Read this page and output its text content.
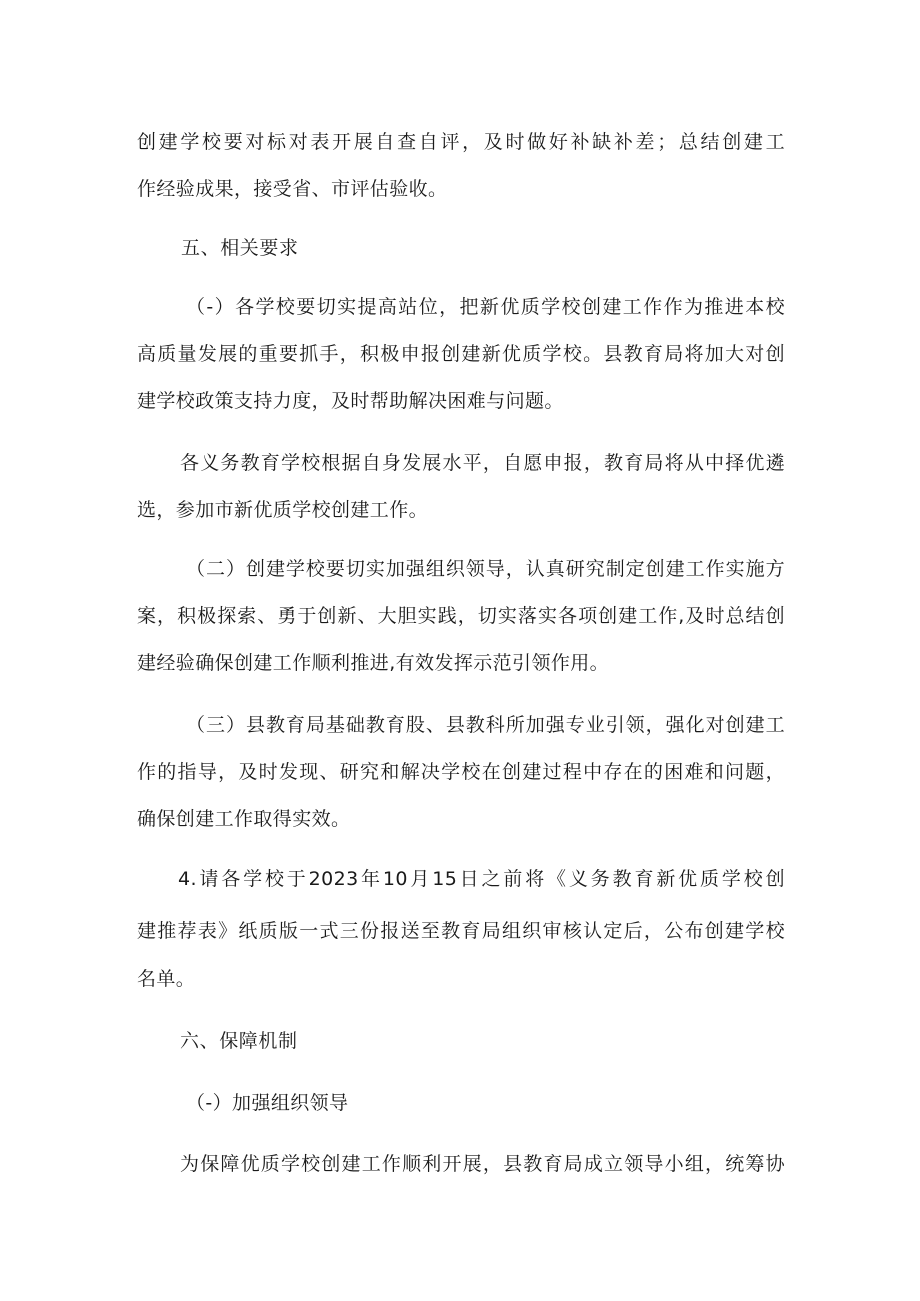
创建学校要对标对表开展自查自评，及时做好补缺补差；总结创建工

作经验成果，接受省、市评估验收。

五、相关要求

（-）各学校要切实提高站位，把新优质学校创建工作作为推进本校

高质量发展的重要抓手，积极申报创建新优质学校。县教育局将加大对创

建学校政策支持力度，及时帮助解决困难与问题。

各义务教育学校根据自身发展水平，自愿申报，教育局将从中择优遴

选，参加市新优质学校创建工作。

（二）创建学校要切实加强组织领导，认真研究制定创建工作实施方

案，积极探索、勇于创新、大胆实践，切实落实各项创建工作,及时总结创

建经验确保创建工作顺利推进,有效发挥示范引领作用。

（三）县教育局基础教育股、县教科所加强专业引领，强化对创建工

作的指导，及时发现、研究和解决学校在创建过程中存在的困难和问题，

确保创建工作取得实效。

4.请各学校于2023年10月15日之前将《义务教育新优质学校创

建推荐表》纸质版一式三份报送至教育局组织审核认定后，公布创建学校

名单。

六、保障机制

（-）加强组织领导

为保障优质学校创建工作顺利开展，县教育局成立领导小组，统筹协
